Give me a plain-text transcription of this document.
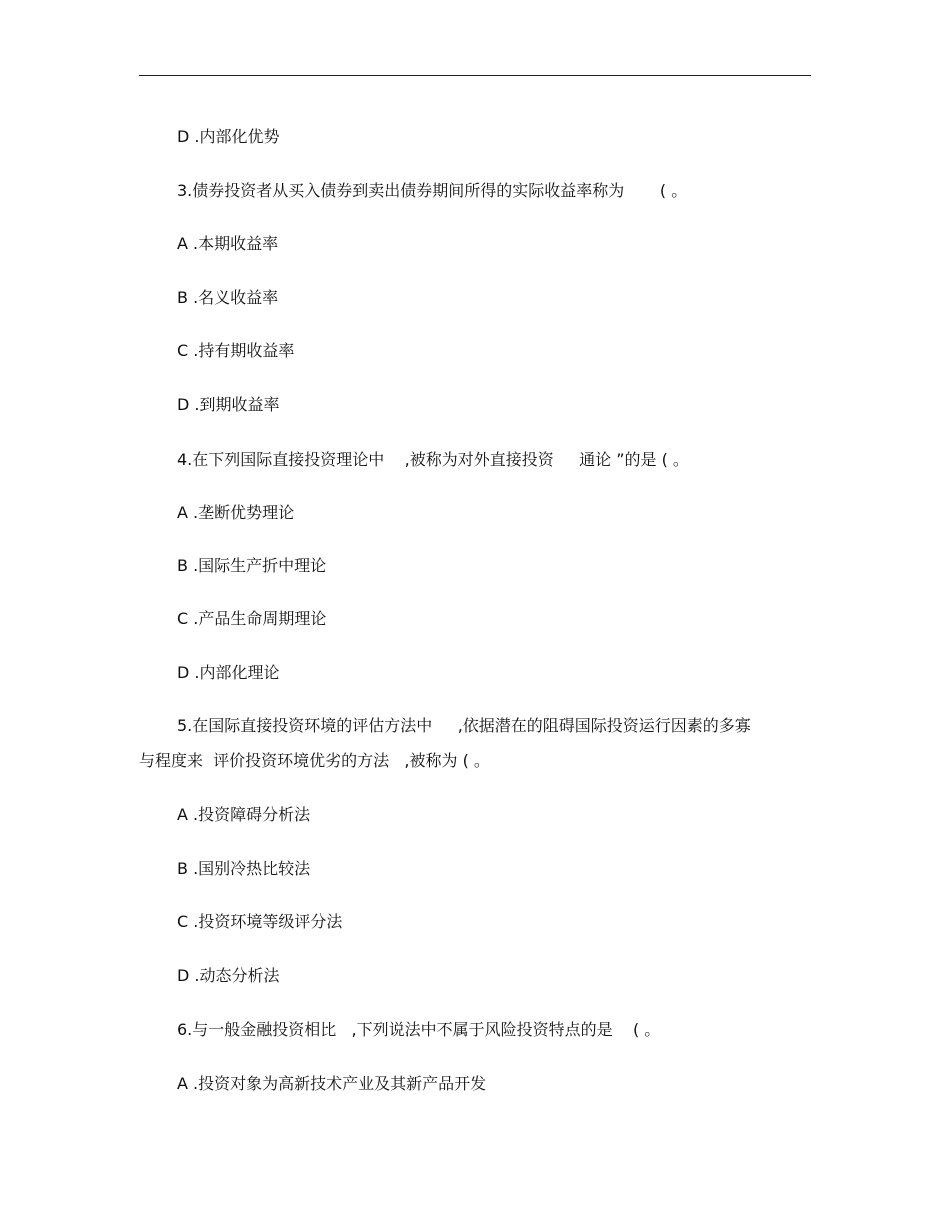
D .内部化优势
3.债券投资者从买入债券到卖出债券期间所得的实际收益率称为       ( 。
A .本期收益率
B .名义收益率
C .持有期收益率
D .到期收益率
4.在下列国际直接投资理论中    ,被称为对外直接投资     通论 ”的是 ( 。
A .垄断优势理论
B .国际生产折中理论
C .产品生命周期理论
D .内部化理论
5.在国际直接投资环境的评估方法中     ,依据潜在的阻碍国际投资运行因素的多寡
与程度来  评价投资环境优劣的方法   ,被称为 ( 。
A .投资障碍分析法
B .国别冷热比较法
C .投资环境等级评分法
D .动态分析法
6.与一般金融投资相比   ,下列说法中不属于风险投资特点的是    ( 。
A .投资对象为高新技术产业及其新产品开发
